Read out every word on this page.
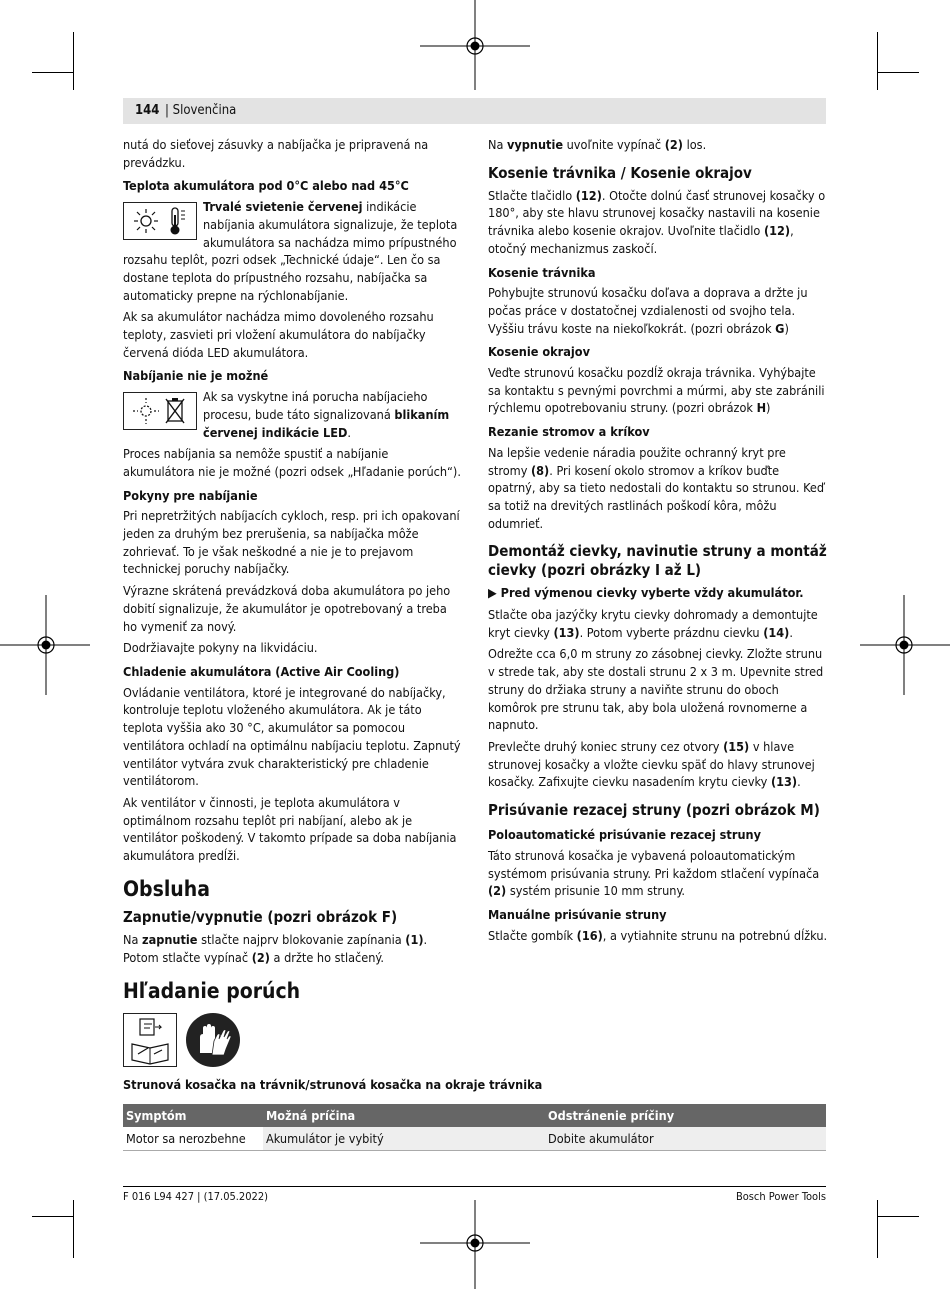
144 | Slovenčina

nutá do sieťovej zásuvky a nabíjačka je pripravená na prevádzku.

Teplota akumulátora pod 0°C alebo nad 45°C

Trvalé svietenie červenej indikácie nabíjania akumulátora signalizuje, že teplota akumulátora sa nachádza mimo prípustného rozsahu teplôt, pozri odsek „Technické údaje“. Len čo sa dostane teplota do prípustného rozsahu, nabíjačka sa automaticky prepne na rýchlonabíjanie.

Ak sa akumulátor nachádza mimo dovoleného rozsahu teploty, zasvieti pri vložení akumulátora do nabíjačky červená dióda LED akumulátora.

Nabíjanie nie je možné

Ak sa vyskytne iná porucha nabíjacieho procesu, bude táto signalizovaná blikaním červenej indikácie LED.

Proces nabíjania sa nemôže spustiť a nabíjanie akumulátora nie je možné (pozri odsek „Hľadanie porúch“).

Pokyny pre nabíjanie

Pri nepretržitých nabíjacích cykloch, resp. pri ich opakovaní jeden za druhým bez prerušenia, sa nabíjačka môže zohrievať. To je však neškodné a nie je to prejavom technickej poruchy nabíjačky.

Výrazne skrátená prevádzková doba akumulátora po jeho dobití signalizuje, že akumulátor je opotrebovaný a treba ho vymeniť za nový.

Dodržiavajte pokyny na likvidáciu.

Chladenie akumulátora (Active Air Cooling)

Ovládanie ventilátora, ktoré je integrované do nabíjačky, kontroluje teplotu vloženého akumulátora. Ak je táto teplota vyššia ako 30 °C, akumulátor sa pomocou ventilátora ochladí na optimálnu nabíjaciu teplotu. Zapnutý ventilátor vytvára zvuk charakteristický pre chladenie ventilátorom.

Ak ventilátor v činnosti, je teplota akumulátora v optimálnom rozsahu teplôt pri nabíjaní, alebo ak je ventilátor poškodený. V takomto prípade sa doba nabíjania akumulátora predĺži.

Obsluha
Zapnutie/vypnutie (pozri obrázok F)

Na zapnutie stlačte najprv blokovanie zapínania (1). Potom stlačte vypínač (2) a držte ho stlačený.

Na vypnutie uvoľnite vypínač (2) los.

Kosenie trávnika / Kosenie okrajov

Stlačte tlačidlo (12). Otočte dolnú časť strunovej kosačky o 180°, aby ste hlavu strunovej kosačky nastavili na kosenie trávnika alebo kosenie okrajov. Uvoľnite tlačidlo (12), otočný mechanizmus zaskočí.

Kosenie trávnika

Pohybujte strunovú kosačku doľava a doprava a držte ju počas práce v dostatočnej vzdialenosti od svojho tela. Vyššiu trávu koste na niekoľkokrát. (pozri obrázok G)

Kosenie okrajov

Veďte strunovú kosačku pozdĺž okraja trávnika. Vyhýbajte sa kontaktu s pevnými povrchmi a múrmi, aby ste zabránili rýchlemu opotrebovaniu struny. (pozri obrázok H)

Rezanie stromov a kríkov

Na lepšie vedenie náradia použite ochranný kryt pre stromy (8). Pri kosení okolo stromov a kríkov buďte opatrný, aby sa tieto nedostali do kontaktu so strunou. Keď sa totiž na drevitých rastlinách poškodí kôra, môžu odumrieť.

Demontáž cievky, navinutie struny a montáž cievky (pozri obrázky I až L)

▶ Pred výmenou cievky vyberte vždy akumulátor.

Stlačte oba jazýčky krytu cievky dohromady a demontujte kryt cievky (13). Potom vyberte prázdnu cievku (14).

Odrežte cca 6,0 m struny zo zásobnej cievky. Zložte strunu v strede tak, aby ste dostali strunu 2 x 3 m. Upevnite stred struny do držiaka struny a naviňte strunu do oboch komôrok pre strunu tak, aby bola uložená rovnomerne a napnuto.

Prevlečte druhý koniec struny cez otvory (15) v hlave strunovej kosačky a vložte cievku späť do hlavy strunovej kosačky. Zafixujte cievku nasadením krytu cievky (13).

Prisúvanie rezacej struny (pozri obrázok M)
Poloautomatické prisúvanie rezacej struny

Táto strunová kosačka je vybavená poloautomatickým systémom prisúvania struny. Pri každom stlačení vypínača (2) systém prisunie 10 mm struny.

Manuálne prisúvanie struny

Stlačte gombík (16), a vytiahnite strunu na potrebnú dĺžku.

Hľadanie porúch
Strunová kosačka na trávnik/strunová kosačka na okraje trávnika
Symptóm	Možná príčina	Odstránenie príčiny
Motor sa nerozbehne	Akumulátor je vybitý	Dobite akumulátor
F 016 L94 427 | (17.05.2022)	Bosch Power Tools
